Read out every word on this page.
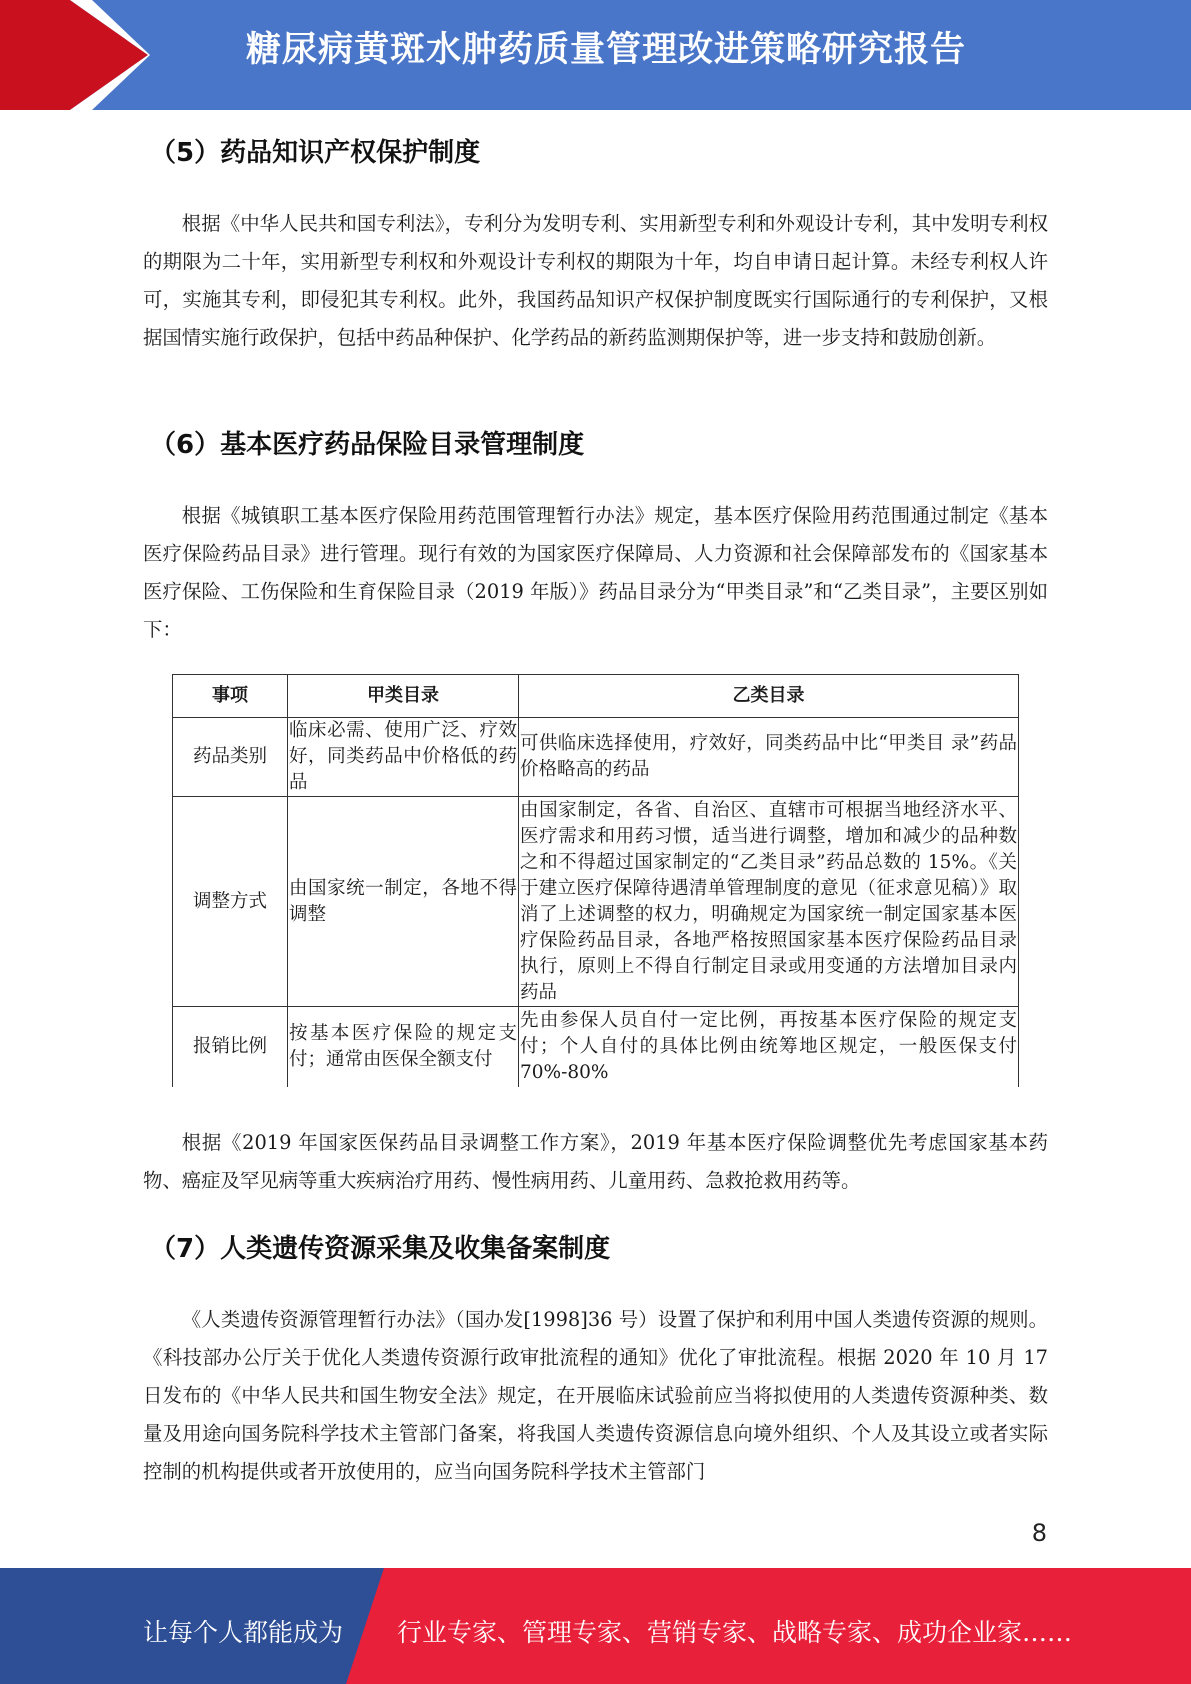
糖尿病黄斑水肿药质量管理改进策略研究报告
（5）药品知识产权保护制度

根据《中华人民共和国专利法》，专利分为发明专利、实用新型专利和外观设计专利，其中发明专利权的期限为二十年，实用新型专利权和外观设计专利权的期限为十年，均自申请日起计算。未经专利权人许可，实施其专利，即侵犯其专利权。此外，我国药品知识产权保护制度既实行国际通行的专利保护，又根据国情实施行政保护，包括中药品种保护、化学药品的新药监测期保护等，进一步支持和鼓励创新。

（6）基本医疗药品保险目录管理制度

根据《城镇职工基本医疗保险用药范围管理暂行办法》规定，基本医疗保险用药范围通过制定《基本医疗保险药品目录》进行管理。现行有效的为国家医疗保障局、人力资源和社会保障部发布的《国家基本医疗保险、工伤保险和生育保险目录（2019 年版）》药品目录分为“甲类目录”和“乙类目录”，主要区别如下：

事项	甲类目录	乙类目录
药品类别	临床必需、使用广泛、疗效好，同类药品中价格低的药品	可供临床选择使用，疗效好，同类药品中比“甲类目 录”药品价格略高的药品
调整方式	由国家统一制定，各地不得调整	由国家制定，各省、自治区、直辖市可根据当地经济水平、医疗需求和用药习惯，适当进行调整，增加和减少的品种数之和不得超过国家制定的“乙类目录”药品总数的 15%。《关于建立医疗保障待遇清单管理制度的意见（征求意见稿）》取消了上述调整的权力，明确规定为国家统一制定国家基本医疗保险药品目录，各地严格按照国家基本医疗保险药品目录执行，原则上不得自行制定目录或用变通的方法增加目录内药品
报销比例	按基本医疗保险的规定支付；通常由医保全额支付	先由参保人员自付一定比例，再按基本医疗保险的规定支付；个人自付的具体比例由统筹地区规定，一般医保支付 70%-80%

根据《2019 年国家医保药品目录调整工作方案》，2019 年基本医疗保险调整优先考虑国家基本药物、癌症及罕见病等重大疾病治疗用药、慢性病用药、儿童用药、急救抢救用药等。

（7）人类遗传资源采集及收集备案制度

《人类遗传资源管理暂行办法》（国办发[1998]36 号）设置了保护和利用中国人类遗传资源的规则。《科技部办公厅关于优化人类遗传资源行政审批流程的通知》优化了审批流程。根据 2020 年 10 月 17 日发布的《中华人民共和国生物安全法》规定，在开展临床试验前应当将拟使用的人类遗传资源种类、数量及用途向国务院科学技术主管部门备案，将我国人类遗传资源信息向境外组织、个人及其设立或者实际控制的机构提供或者开放使用的，应当向国务院科学技术主管部门

8
让每个人都能成为 行业专家、管理专家、营销专家、战略专家、成功企业家……
